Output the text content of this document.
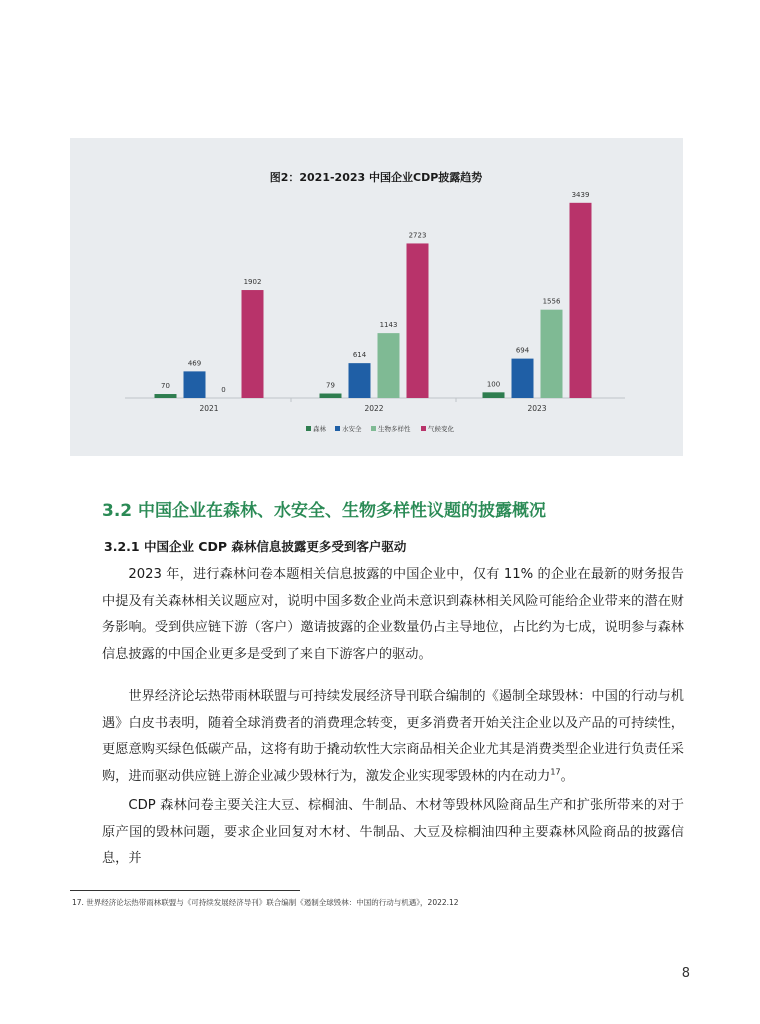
图2：2021-2023 中国企业CDP披露趋势
70
469
0
1902
2021
79
614
1143
2723
2022
100
694
1556
3439
2023
森林 水安全	生物多样性	气候变化
3.2 中国企业在森林、水安全、生物多样性议题的披露概况
3.2.1 中国企业 CDP 森林信息披露更多受到客户驱动

2023 年，进行森林问卷本题相关信息披露的中国企业中，仅有 11% 的企业在最新的财务报告中提及有关森林相关议题应对，说明中国多数企业尚未意识到森林相关风险可能给企业带来的潜在财务影响。受到供应链下游（客户）邀请披露的企业数量仍占主导地位，占比约为七成，说明参与森林信息披露的中国企业更多是受到了来自下游客户的驱动。

世界经济论坛热带雨林联盟与可持续发展经济导刊联合编制的《遏制全球毁林：中国的行动与机遇》白皮书表明，随着全球消费者的消费理念转变，更多消费者开始关注企业以及产品的可持续性，更愿意购买绿色低碳产品，这将有助于撬动软性大宗商品相关企业尤其是消费类型企业进行负责任采购，进而驱动供应链上游企业减少毁林行为，激发企业实现零毁林的内在动力$^{17}$。

CDP 森林问卷主要关注大豆、棕榈油、牛制品、木材等毁林风险商品生产和扩张所带来的对于原产国的毁林问题，要求企业回复对木材、牛制品、大豆及棕榈油四种主要森林风险商品的披露信息，并

17. 世界经济论坛热带雨林联盟与《可持续发展经济导刊》联合编制《遏制全球毁林：中国的行动与机遇》，2022.12
8
